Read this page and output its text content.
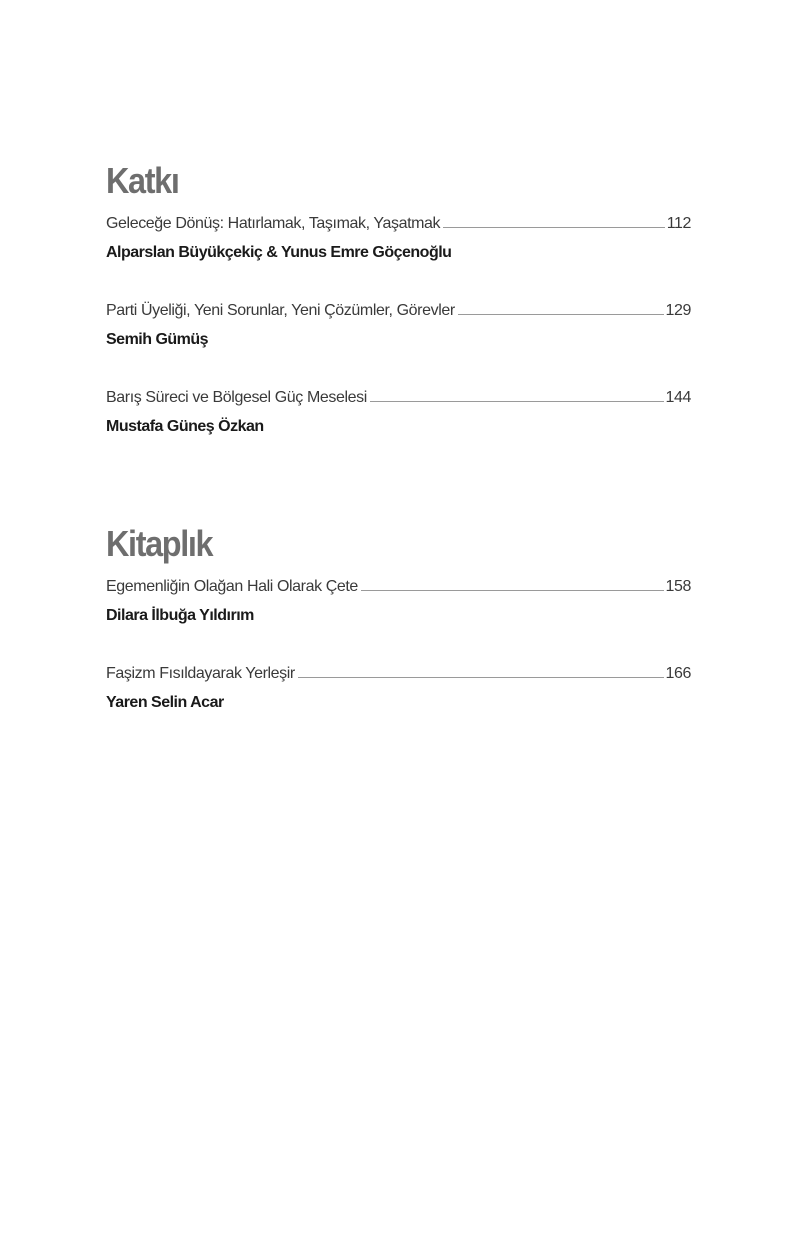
Katkı
Geleceğe Dönüş: Hatırlamak, Taşımak, Yaşatmak	112
Alparslan Büyükçekiç & Yunus Emre Göçenoğlu
Parti Üyeliği, Yeni Sorunlar, Yeni Çözümler, Görevler	129
Semih Gümüş
Barış Süreci ve Bölgesel Güç Meselesi	144
Mustafa Güneş Özkan
Kitaplık
Egemenliğin Olağan Hali Olarak Çete	158
Dilara İlbuğa Yıldırım
Faşizm Fısıldayarak Yerleşir	166
Yaren Selin Acar
